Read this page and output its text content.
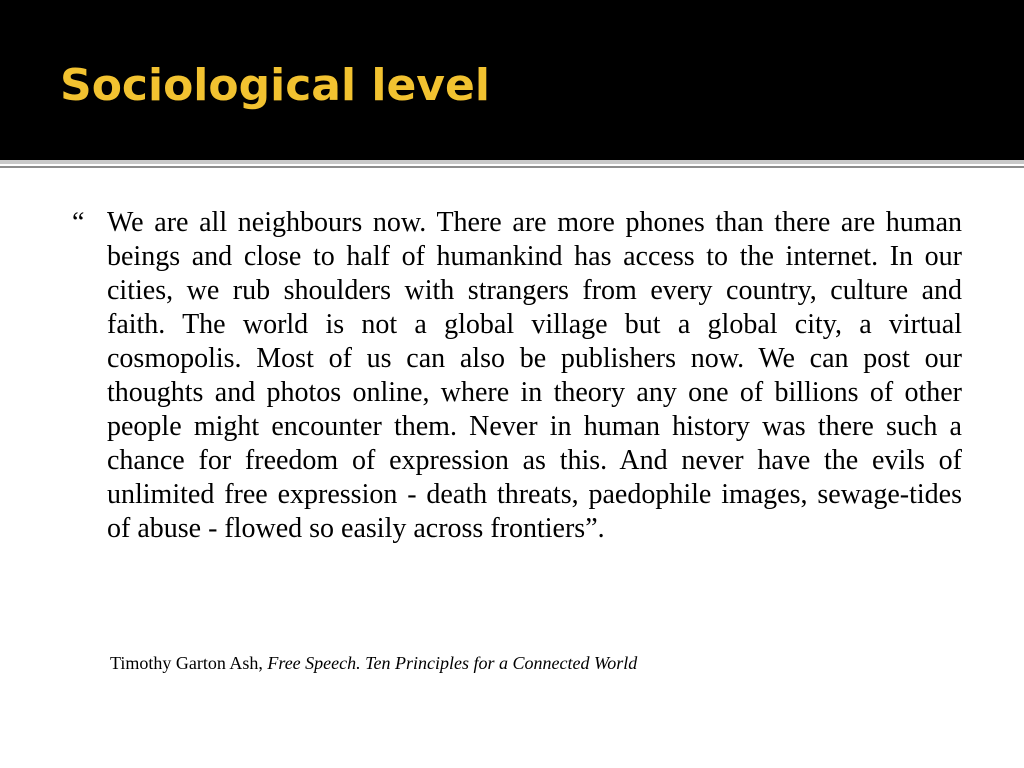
Sociological level
“ We are all neighbours now. There are more phones than there are human beings and close to half of humankind has access to the internet. In our cities, we rub shoulders with strangers from every country, culture and faith. The world is not a global village but a global city, a virtual cosmopolis. Most of us can also be publishers now. We can post our thoughts and photos online, where in theory any one of billions of other people might encounter them. Never in human history was there such a chance for freedom of expression as this. And never have the evils of unlimited free expression - death threats, paedophile images, sewage-tides of abuse - flowed so easily across frontiers”.

Timothy Garton Ash, Free Speech. Ten Principles for a Connected World
